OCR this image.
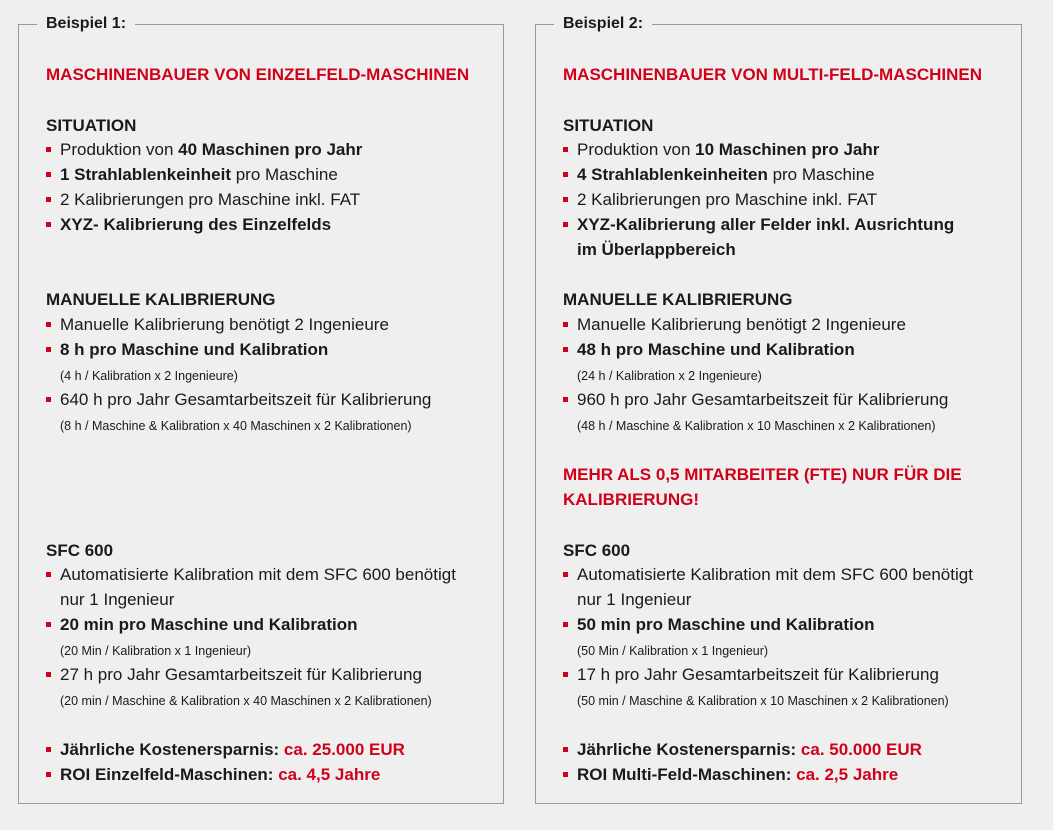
Beispiel 1:
MASCHINENBAUER VON EINZELFELD-MASCHINEN
SITUATION
Produktion von 40 Maschinen pro Jahr
1 Strahlablenkeinheit pro Maschine
2 Kalibrierungen pro Maschine inkl. FAT
XYZ- Kalibrierung des Einzelfelds
MANUELLE KALIBRIERUNG
Manuelle Kalibrierung benötigt 2 Ingenieure
8 h pro Maschine und Kalibration
(4 h / Kalibration x 2 Ingenieure)
640 h pro Jahr Gesamtarbeitszeit für Kalibrierung
(8 h / Maschine & Kalibration x 40 Maschinen x 2 Kalibrationen)
SFC 600
Automatisierte Kalibration mit dem SFC 600 benötigt
nur 1 Ingenieur
20 min pro Maschine und Kalibration
(20 Min / Kalibration x 1 Ingenieur)
27 h pro Jahr Gesamtarbeitszeit für Kalibrierung
(20 min / Maschine & Kalibration x 40 Maschinen x 2 Kalibrationen)
Jährliche Kostenersparnis: ca. 25.000 EUR
ROI Einzelfeld-Maschinen: ca. 4,5 Jahre
Beispiel 2:
MASCHINENBAUER VON MULTI-FELD-MASCHINEN
SITUATION
Produktion von 10 Maschinen pro Jahr
4 Strahlablenkeinheiten pro Maschine
2 Kalibrierungen pro Maschine inkl. FAT
XYZ-Kalibrierung aller Felder inkl. Ausrichtung
im Überlappbereich
MANUELLE KALIBRIERUNG
Manuelle Kalibrierung benötigt 2 Ingenieure
48 h pro Maschine und Kalibration
(24 h / Kalibration x 2 Ingenieure)
960 h pro Jahr Gesamtarbeitszeit für Kalibrierung
(48 h / Maschine & Kalibration x 10 Maschinen x 2 Kalibrationen)
MEHR ALS 0,5 MITARBEITER (FTE) NUR FÜR DIE
KALIBRIERUNG!
SFC 600
Automatisierte Kalibration mit dem SFC 600 benötigt
nur 1 Ingenieur
50 min pro Maschine und Kalibration
(50 Min / Kalibration x 1 Ingenieur)
17 h pro Jahr Gesamtarbeitszeit für Kalibrierung
(50 min / Maschine & Kalibration x 10 Maschinen x 2 Kalibrationen)
Jährliche Kostenersparnis: ca. 50.000 EUR
ROI Multi-Feld-Maschinen: ca. 2,5 Jahre
